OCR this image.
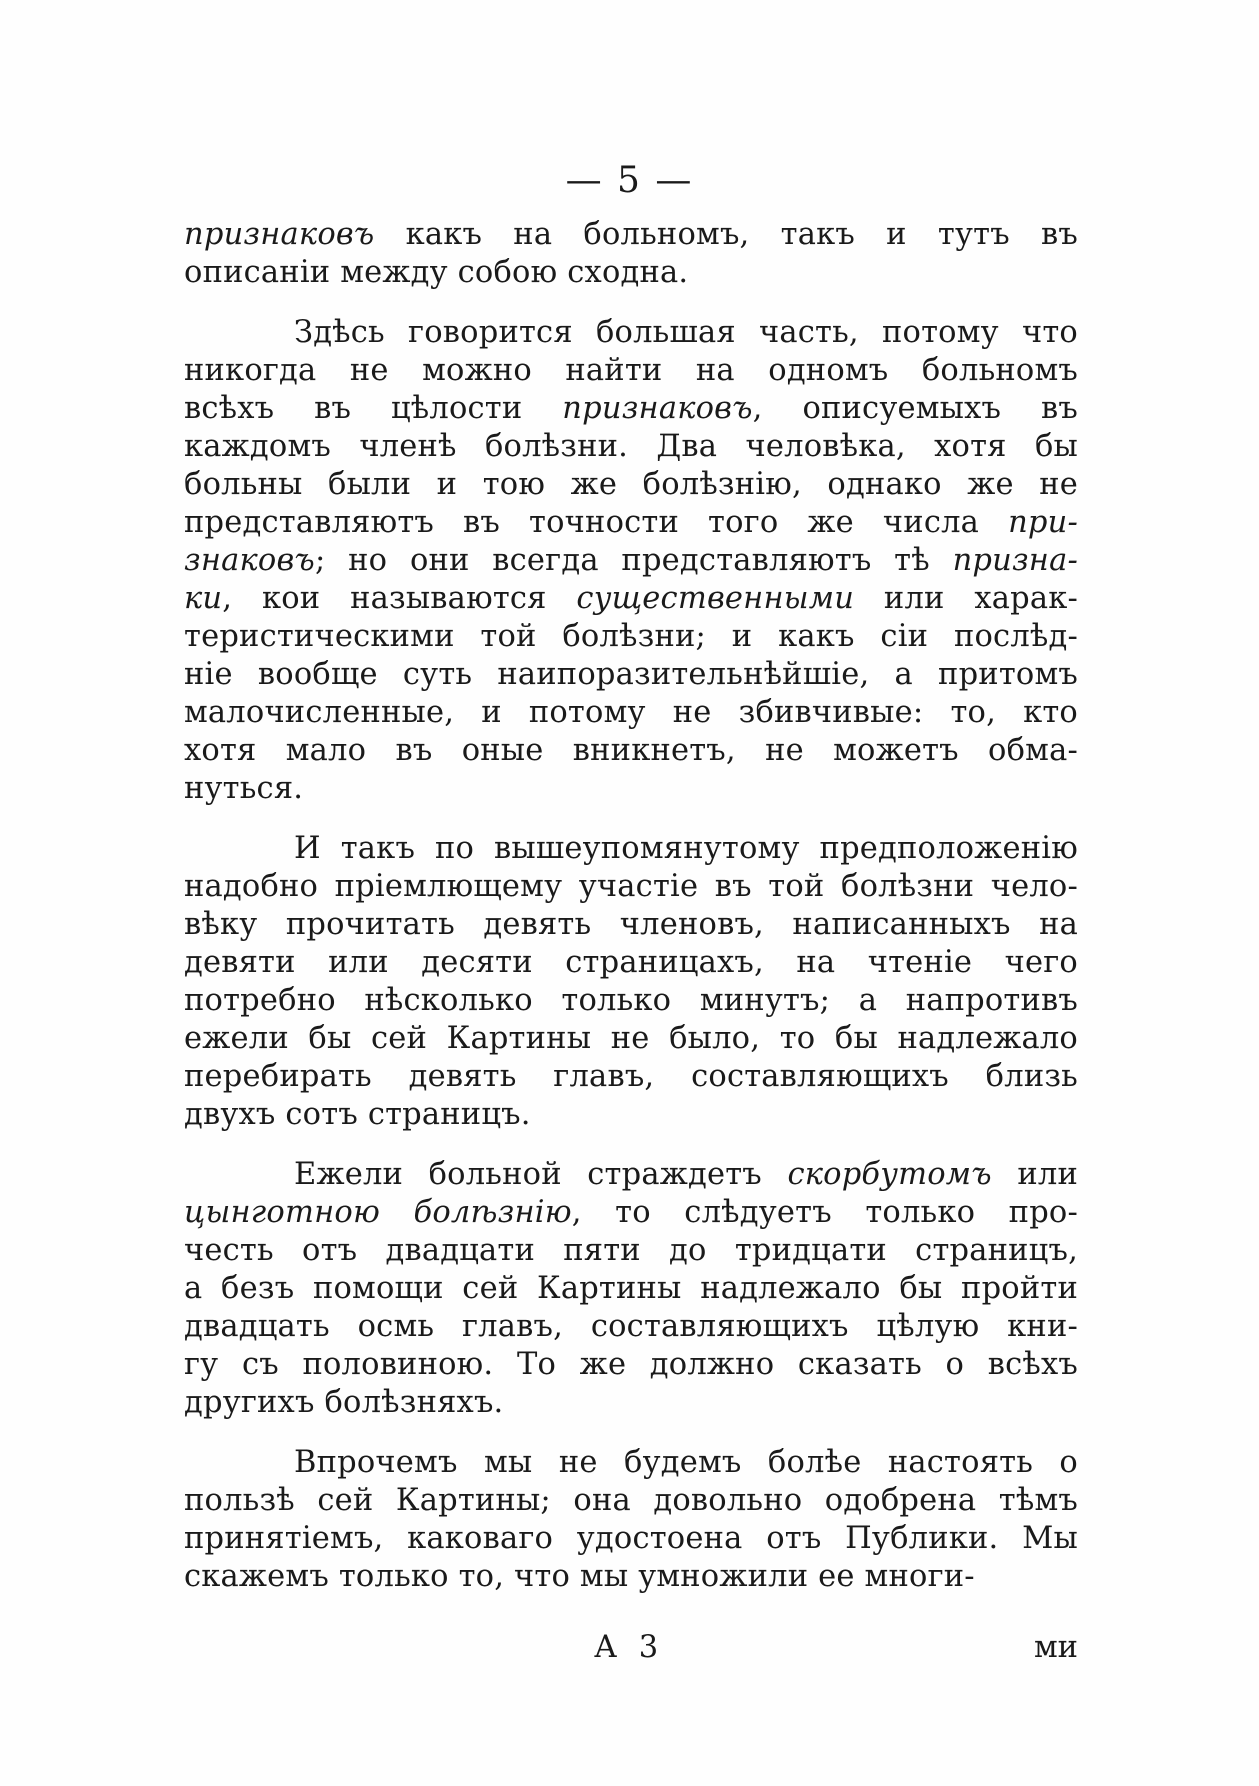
— 5 —
признаковъ какъ на больномъ, такъ и тутъ въ
описаніи между собою сходна.
Здѣсь говорится большая часть, потому что
никогда не можно найти на одномъ больномъ
всѣхъ въ цѣлости признаковъ, описуемыхъ въ
каждомъ членѣ болѣзни. Два человѣка, хотя бы
больны были и тою же болѣзнію, однако же не
представляютъ въ точности того же числа при-
знаковъ; но они всегда представляютъ тѣ призна-
ки, кои называются существенными или харак-
теристическими той болѣзни; и какъ сіи послѣд-
ніе вообще суть наипоразительнѣйшіе, а притомъ
малочисленные, и потому не збивчивые: то, кто
хотя мало въ оные вникнетъ, не можетъ обма-
нуться.
И такъ по вышеупомянутому предположенію
надобно пріемлющему участіе въ той болѣзни чело-
вѣку прочитать девять членовъ, написанныхъ на
девяти или десяти страницахъ, на чтеніе чего
потребно нѣсколько только минутъ; а напротивъ
ежели бы сей Картины не было, то бы надлежало
перебирать девять главъ, составляющихъ близь
двухъ сотъ страницъ.
Ежели больной страждетъ скорбутомъ или
цынготною болѣзнію, то слѣдуетъ только про-
честь отъ двадцати пяти до тридцати страницъ,
а безъ помощи сей Картины надлежало бы пройти
двадцать осмь главъ, составляющихъ цѣлую кни-
гу съ половиною. То же должно сказать о всѣхъ
другихъ болѣзняхъ.
Впрочемъ мы не будемъ болѣе настоять о
пользѣ сей Картины; она довольно одобрена тѣмъ
принятіемъ, каковаго удостоена отъ Публики. Мы
скажемъ только то, что мы умножили ее многи-
А 3	ми
